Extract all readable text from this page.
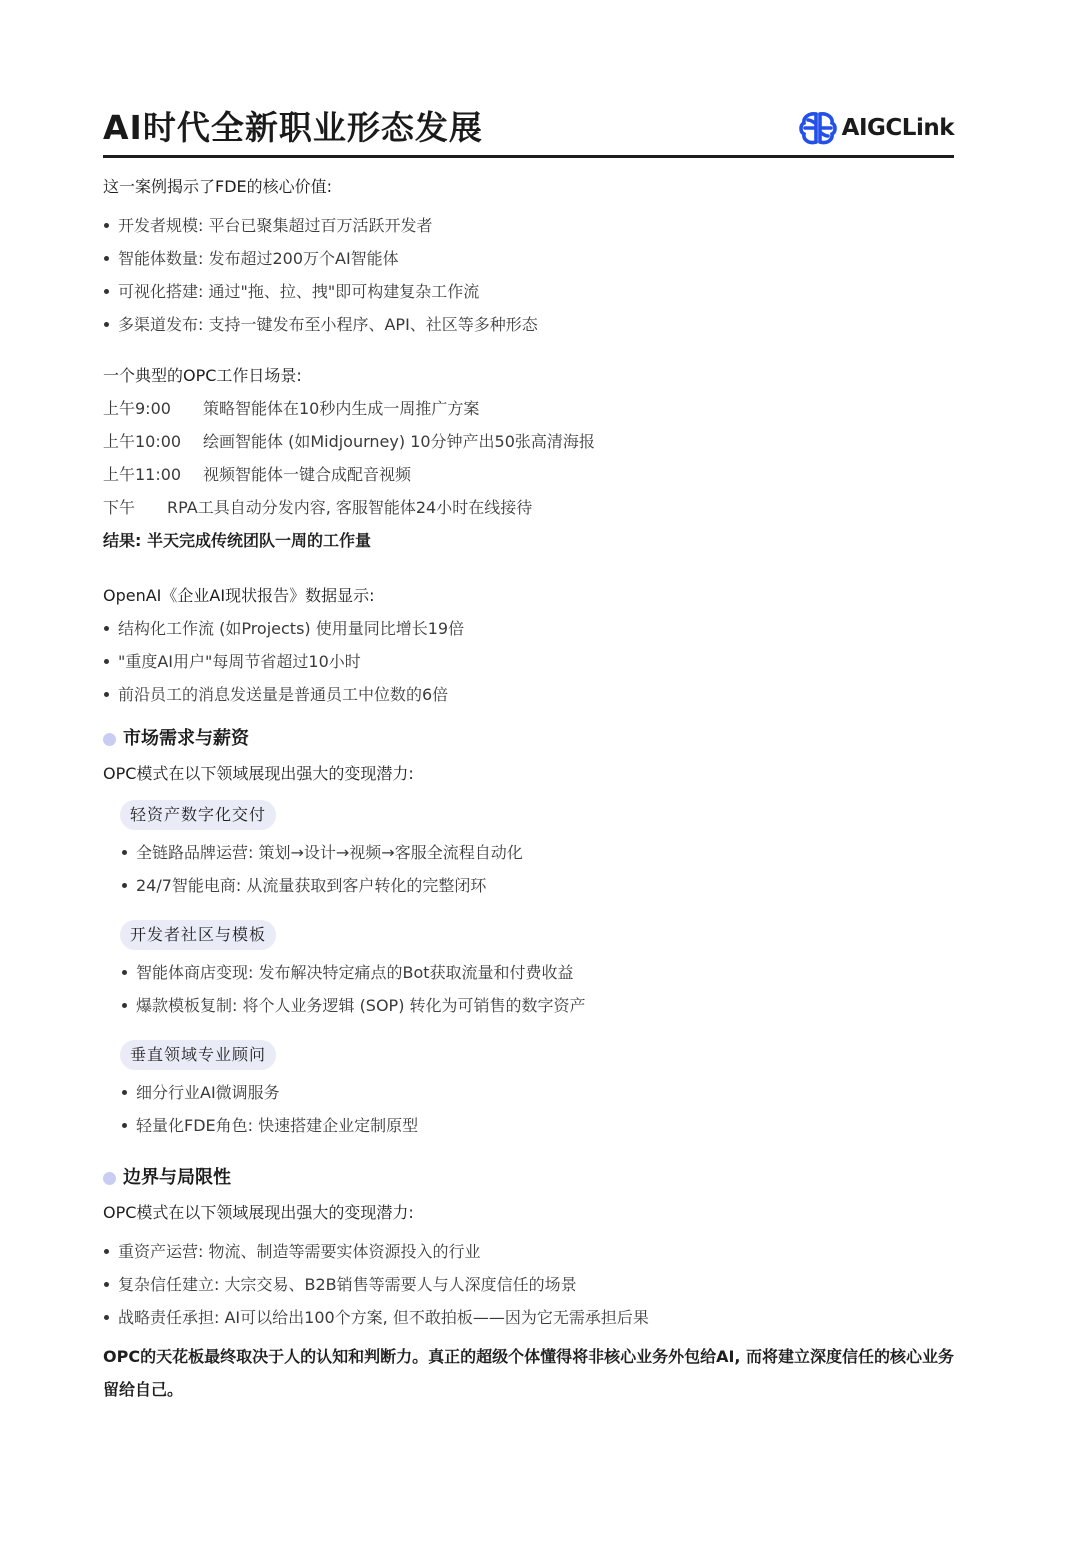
AI时代全新职业形态发展	AIGCLink
这一案例揭示了FDE的核心价值:
开发者规模: 平台已聚集超过百万活跃开发者
智能体数量: 发布超过200万个AI智能体
可视化搭建: 通过"拖、拉、拽"即可构建复杂工作流
多渠道发布: 支持一键发布至小程序、API、社区等多种形态
一个典型的OPC工作日场景:
上午9:00	策略智能体在10秒内生成一周推广方案
上午10:00	绘画智能体 (如Midjourney) 10分钟产出50张高清海报
上午11:00	视频智能体一键合成配音视频
下午	RPA工具自动分发内容, 客服智能体24小时在线接待
结果: 半天完成传统团队一周的工作量
OpenAI《企业AI现状报告》数据显示:
结构化工作流 (如Projects) 使用量同比增长19倍
"重度AI用户"每周节省超过10小时
前沿员工的消息发送量是普通员工中位数的6倍
市场需求与薪资
OPC模式在以下领域展现出强大的变现潜力:
轻资产数字化交付
全链路品牌运营: 策划→设计→视频→客服全流程自动化
24/7智能电商: 从流量获取到客户转化的完整闭环
开发者社区与模板
智能体商店变现: 发布解决特定痛点的Bot获取流量和付费收益
爆款模板复制: 将个人业务逻辑 (SOP) 转化为可销售的数字资产
垂直领域专业顾问
细分行业AI微调服务
轻量化FDE角色: 快速搭建企业定制原型
边界与局限性
OPC模式在以下领域展现出强大的变现潜力:
重资产运营: 物流、制造等需要实体资源投入的行业
复杂信任建立: 大宗交易、B2B销售等需要人与人深度信任的场景
战略责任承担: AI可以给出100个方案, 但不敢拍板——因为它无需承担后果
OPC的天花板最终取决于人的认知和判断力。真正的超级个体懂得将非核心业务外包给AI, 而将建立深度信任的核心业务留给自己。
